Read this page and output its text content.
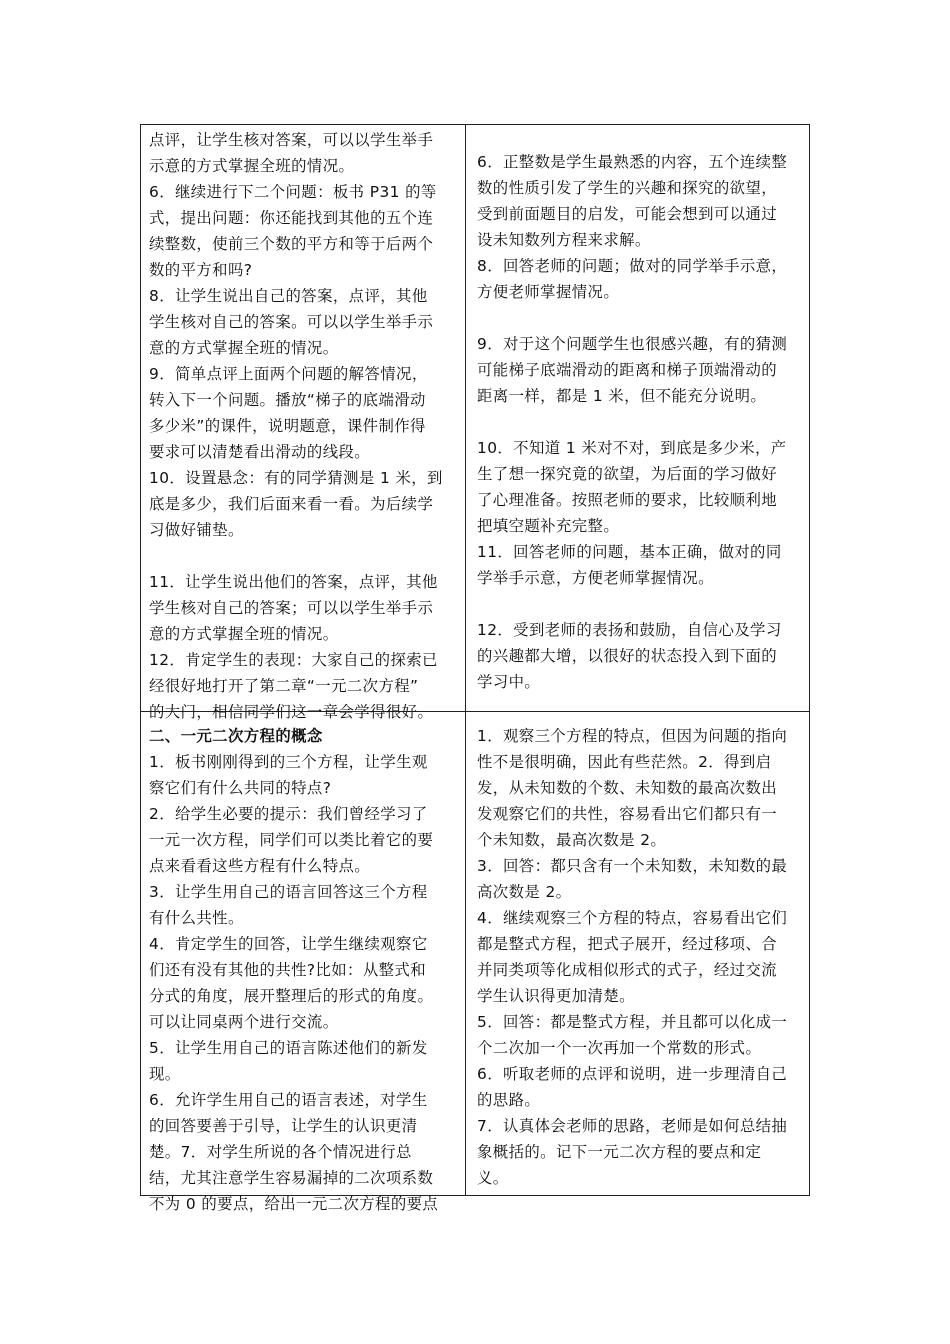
点评，让学生核对答案，可以以学生举手
示意的方式掌握全班的情况。
6．继续进行下二个问题：板书 P31 的等
式，提出问题：你还能找到其他的五个连
续整数，使前三个数的平方和等于后两个
数的平方和吗?
8．让学生说出自己的答案，点评，其他
学生核对自己的答案。可以以学生举手示
意的方式掌握全班的情况。
9．简单点评上面两个问题的解答情况，
转入下一个问题。播放“梯子的底端滑动
多少米”的课件，说明题意，课件制作得
要求可以清楚看出滑动的线段。
10．设置悬念：有的同学猜测是 1 米，到
底是多少，我们后面来看一看。为后续学
习做好铺垫。
11．让学生说出他们的答案，点评，其他
学生核对自己的答案；可以以学生举手示
意的方式掌握全班的情况。
12．肯定学生的表现：大家自己的探索已
经很好地打开了第二章“一元二次方程”
的大门，相信同学们这一章会学得很好。
6．正整数是学生最熟悉的内容，五个连续整
数的性质引发了学生的兴趣和探究的欲望，
受到前面题目的启发，可能会想到可以通过
设未知数列方程来求解。
8．回答老师的问题；做对的同学举手示意，
方便老师掌握情况。
9．对于这个问题学生也很感兴趣，有的猜测
可能梯子底端滑动的距离和梯子顶端滑动的
距离一样，都是 1 米，但不能充分说明。
10．不知道 1 米对不对，到底是多少米，产
生了想一探究竟的欲望，为后面的学习做好
了心理准备。按照老师的要求，比较顺利地
把填空题补充完整。
11．回答老师的问题，基本正确，做对的同
学举手示意，方便老师掌握情况。
12．受到老师的表扬和鼓励，自信心及学习
的兴趣都大增，以很好的状态投入到下面的
学习中。
二、一元二次方程的概念
1．板书刚刚得到的三个方程，让学生观
察它们有什么共同的特点?
2．给学生必要的提示：我们曾经学习了
一元一次方程，同学们可以类比着它的要
点来看看这些方程有什么特点。
3．让学生用自己的语言回答这三个方程
有什么共性。
4．肯定学生的回答，让学生继续观察它
们还有没有其他的共性?比如：从整式和
分式的角度，展开整理后的形式的角度。
可以让同桌两个进行交流。
5．让学生用自己的语言陈述他们的新发
现。
6．允许学生用自己的语言表述，对学生
的回答要善于引导，让学生的认识更清
楚。7．对学生所说的各个情况进行总
结，尤其注意学生容易漏掉的二次项系数
不为 0 的要点，给出一元二次方程的要点
1．观察三个方程的特点，但因为问题的指向
性不是很明确，因此有些茫然。2．得到启
发，从未知数的个数、未知数的最高次数出
发观察它们的共性，容易看出它们都只有一
个未知数，最高次数是 2。
3．回答：都只含有一个未知数，未知数的最
高次数是 2。
4．继续观察三个方程的特点，容易看出它们
都是整式方程，把式子展开，经过移项、合
并同类项等化成相似形式的式子，经过交流
学生认识得更加清楚。
5．回答：都是整式方程，并且都可以化成一
个二次加一个一次再加一个常数的形式。
6．听取老师的点评和说明，进一步理清自己
的思路。
7．认真体会老师的思路，老师是如何总结抽
象概括的。记下一元二次方程的要点和定
义。
